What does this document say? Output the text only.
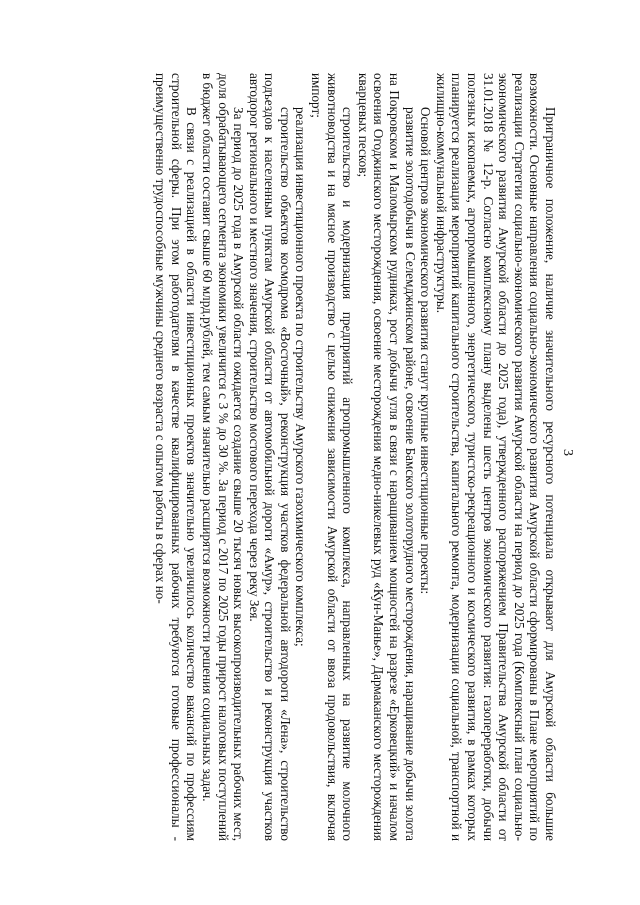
3

Приграничное положение, наличие значительного ресурсного потенциала открывают для Амурской области большие возможности. Основные направления социально-экономического развития Амурской области сформированы в Плане мероприятий по реализации Стратегии социально-экономического развития Амурской области на период до 2025 года (Комплексный план социально-экономического развития Амурской области до 2025 года), утвержденного распоряжением Правительства Амурской области от 31.01.2018 № 12-р. Согласно комплексному плану выделены шесть центров экономического развития: газопереработки, добычи полезных ископаемых, агропромышленного, энергетического, туристско-рекреационного и космического развития, в рамках которых планируется реализация мероприятий капитального строительства, капитального ремонта, модернизации социальной, транспортной и жилищно-коммунальной инфраструктуры.

Основой центров экономического развития станут крупные инвестиционные проекты:

развитие золотодобычи в Селемджинском районе, освоение Бамского золоторудного месторождения, наращивание добычи золота на Покровском и Маломырском рудниках, рост добычи угля в связи с наращиванием мощностей на разрезе «Ерковецкий» и началом освоения Огоджинского месторождения, освоение месторождения медно-никелевых руд «Кун-Манье», Дармаканского месторождения кварцевых песков;

строительство и модернизация предприятий агропромышленного комплекса, направленных на развитие молочного животноводства и на мясное производство с целью снижения зависимости Амурской области от ввоза продовольствия, включая импорт;

реализация инвестиционного проекта по строительству Амурского газохимического комплекса;

строительство объектов космодрома «Восточный», реконструкция участков федеральной автодороги «Лена», строительство подъездов к населенным пунктам Амурской области от автомобильной дороги «Амур», строительство и реконструкция участков автодорог регионального и местного значения, строительство мостового перехода через реку Зея.

За период до 2025 года в Амурской области ожидается создание свыше 20 тысяч новых высокопроизводительных рабочих мест, доля обрабатывающего сегмента экономики увеличится с 3 % до 30 %. За период с 2017 по 2025 годы прирост налоговых поступлений в бюджет области составит свыше 60 млрд.рублей, тем самым значительно расширятся возможности решения социальных задач.

В связи с реализацией в области инвестиционных проектов значительно увеличилось количество вакансий по профессиям строительной сферы. При этом работодателям в качестве квалифицированных рабочих требуются готовые профессионалы - преимущественно трудоспособные мужчины среднего возраста с опытом работы в сферах но-
